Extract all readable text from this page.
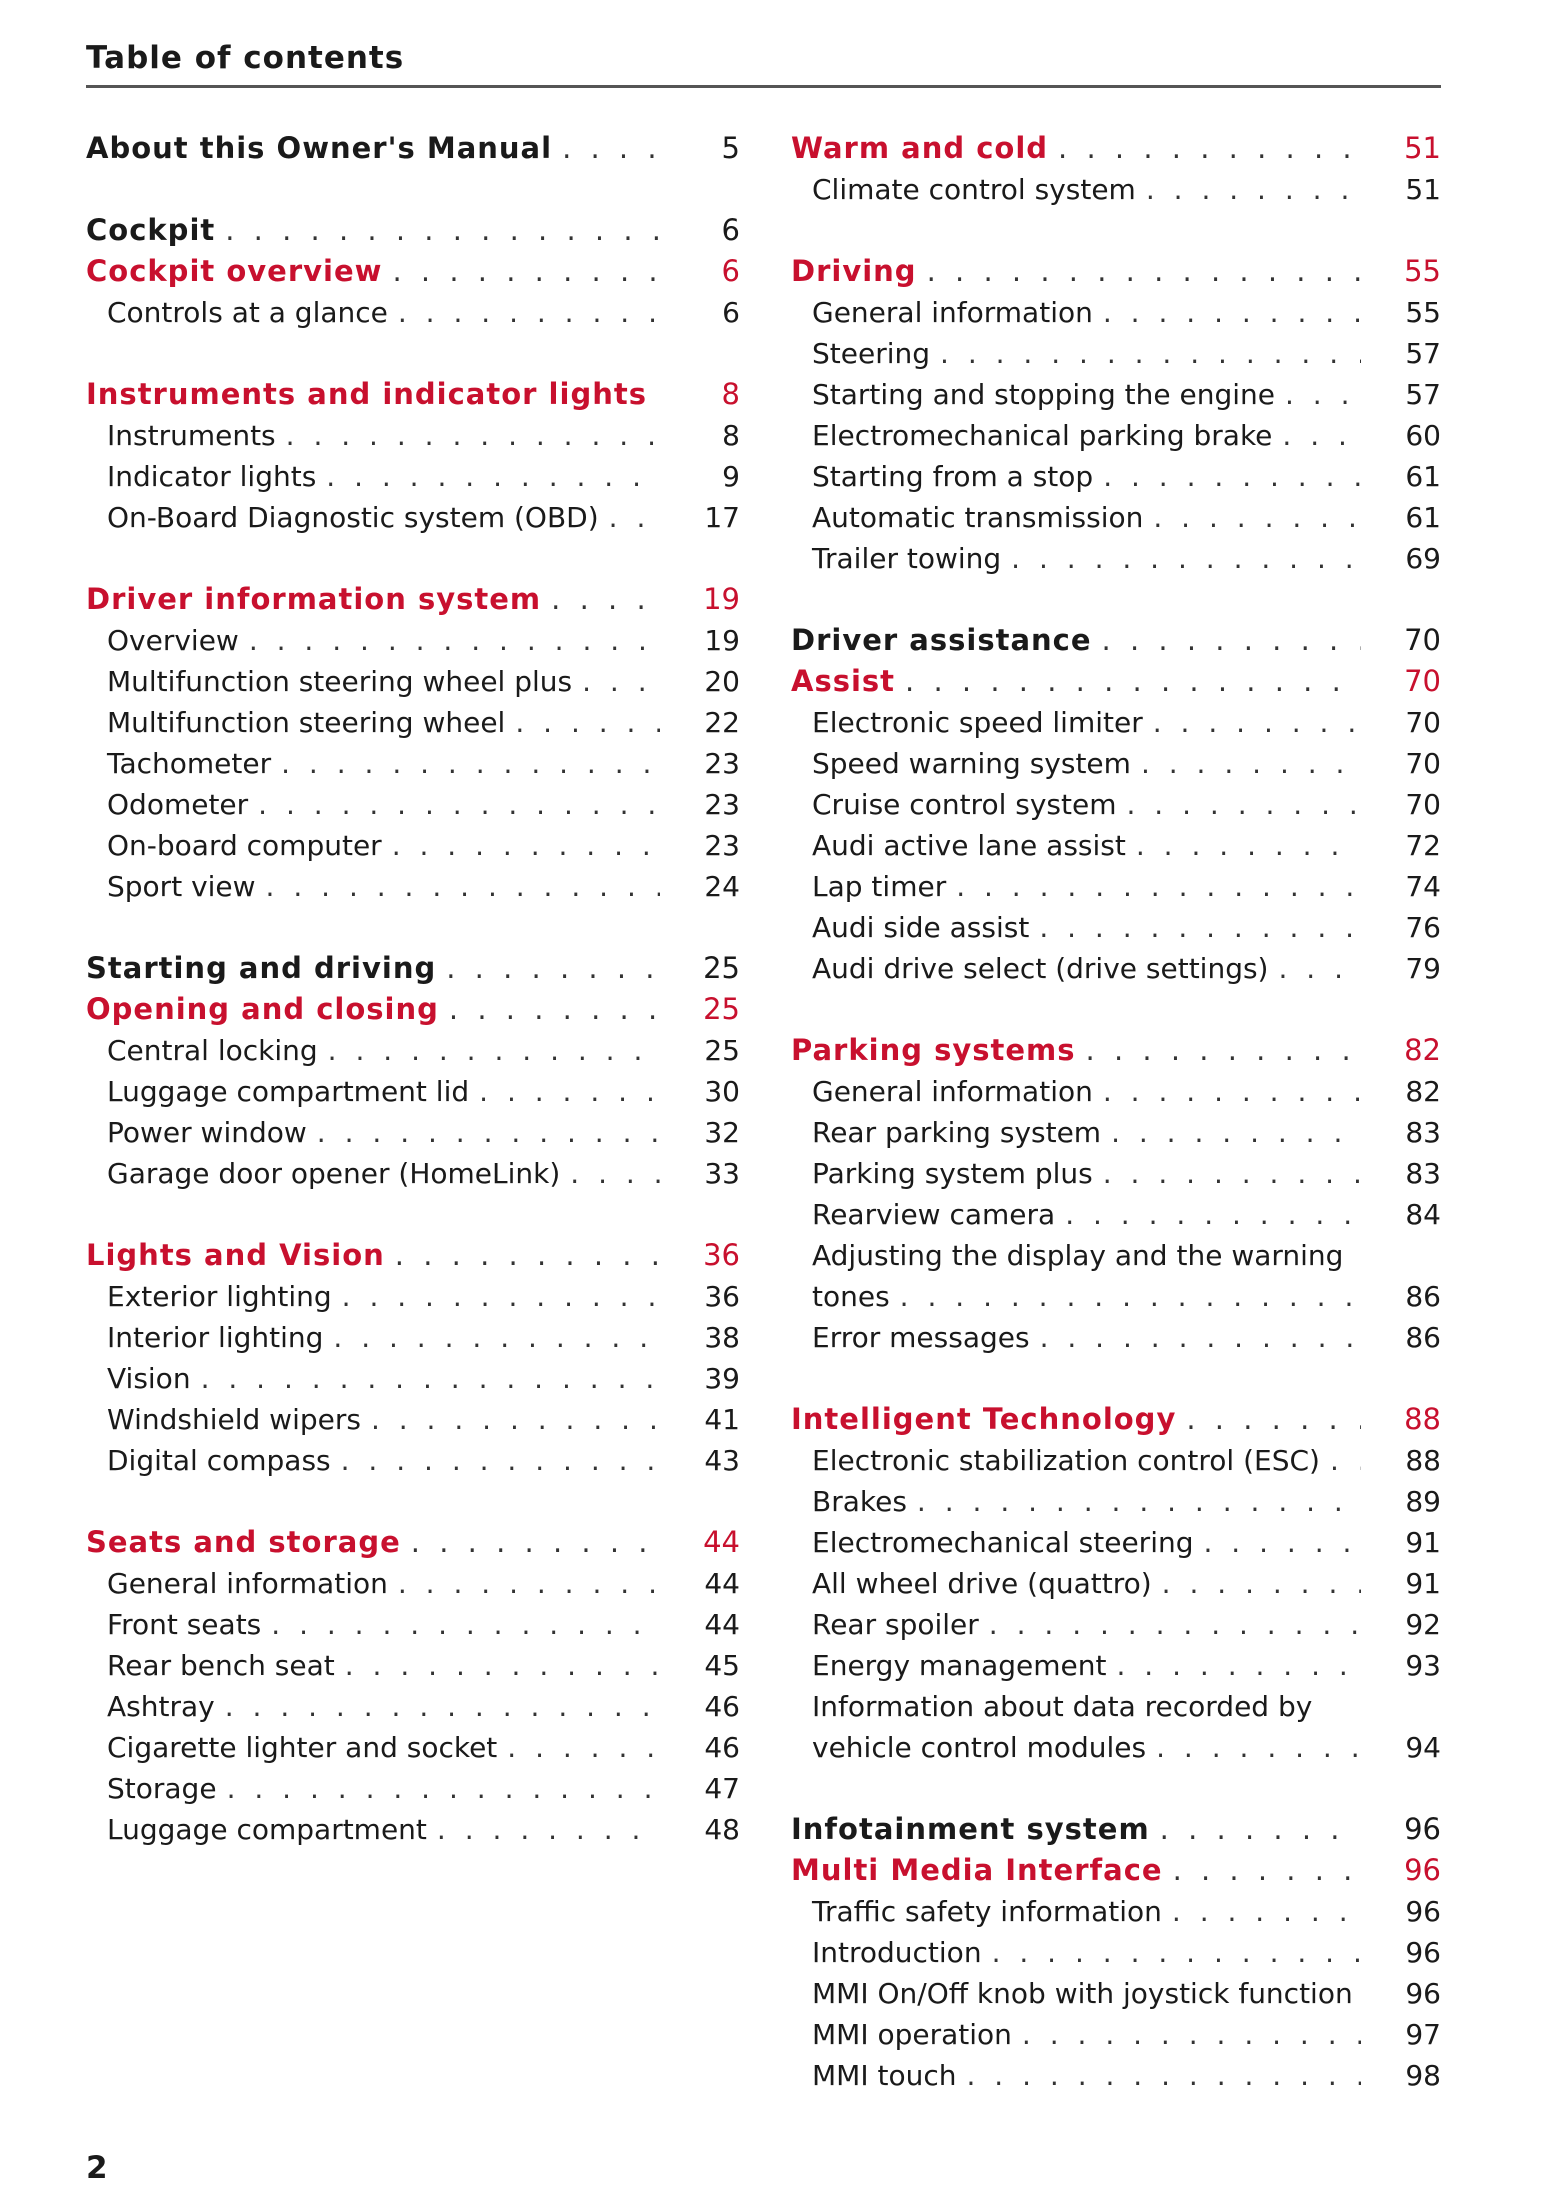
Table of contents
About this Owner's Manual . . .	5
Cockpit . . .	6
Cockpit overview . . .	6
Controls at a glance . . .	6
Instruments and indicator lights . . .	8
Instruments . . .	8
Indicator lights . . .	9
On-Board Diagnostic system (OBD) . . .	17
Driver information system . . .	19
Overview . . .	19
Multifunction steering wheel plus . . .	20
Multifunction steering wheel . . .	22
Tachometer . . .	23
Odometer . . .	23
On-board computer . . .	23
Sport view . . .	24
Starting and driving . . .	25
Opening and closing . . .	25
Central locking . . .	25
Luggage compartment lid . . .	30
Power window . . .	32
Garage door opener (HomeLink) . . .	33
Lights and Vision . . .	36
Exterior lighting . . .	36
Interior lighting . . .	38
Vision . . .	39
Windshield wipers . . .	41
Digital compass . . .	43
Seats and storage . . .	44
General information . . .	44
Front seats . . .	44
Rear bench seat . . .	45
Ashtray . . .	46
Cigarette lighter and socket . . .	46
Storage . . .	47
Luggage compartment . . .	48
Warm and cold . . .	51
Climate control system . . .	51
Driving . . .	55
General information . . .	55
Steering . . .	57
Starting and stopping the engine . . .	57
Electromechanical parking brake . . .	60
Starting from a stop . . .	61
Automatic transmission . . .	61
Trailer towing . . .	69
Driver assistance . . .	70
Assist . . .	70
Electronic speed limiter . . .	70
Speed warning system . . .	70
Cruise control system . . .	70
Audi active lane assist . . .	72
Lap timer . . .	74
Audi side assist . . .	76
Audi drive select (drive settings) . . .	79
Parking systems . . .	82
General information . . .	82
Rear parking system . . .	83
Parking system plus . . .	83
Rearview camera . . .	84
Adjusting the display and the warning
tones . . .	86
Error messages . . .	86
Intelligent Technology . . .	88
Electronic stabilization control (ESC) . . .	88
Brakes . . .	89
Electromechanical steering . . .	91
All wheel drive (quattro) . . .	91
Rear spoiler . . .	92
Energy management . . .	93
Information about data recorded by
vehicle control modules . . .	94
Infotainment system . . .	96
Multi Media Interface . . .	96
Traffic safety information . . .	96
Introduction . . .	96
MMI On/Off knob with joystick function . . .	96
MMI operation . . .	97
MMI touch . . .	98
2
